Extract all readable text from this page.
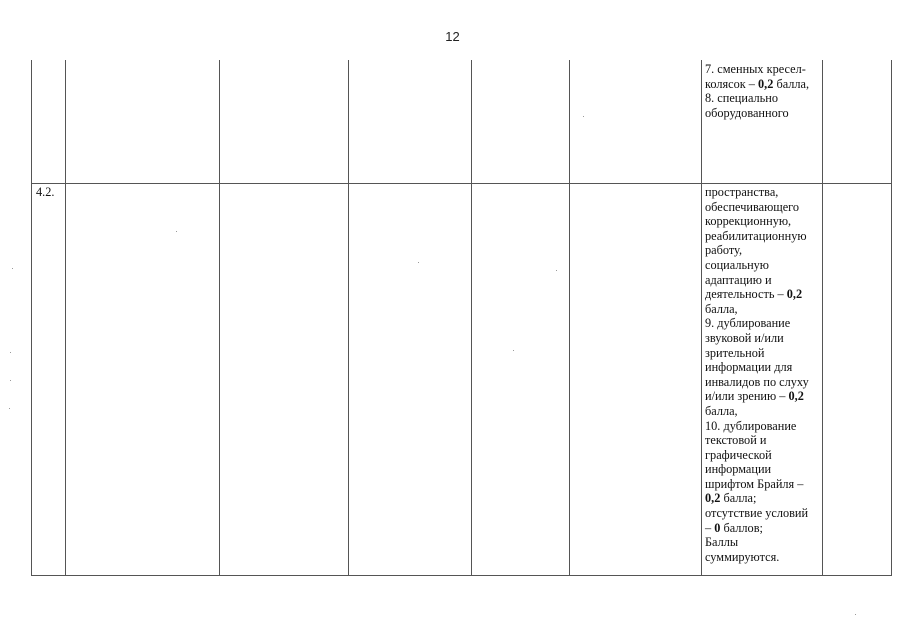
12
7. сменных кресел-
колясок – 0,2 балла,
8. специально
оборудованного
4.2.	пространства,
обеспечивающего
коррекционную,
реабилитационную
работу,
социальную
адаптацию и
деятельность – 0,2
балла,
9. дублирование
звуковой и/или
зрительной
информации для
инвалидов по слуху
и/или зрению – 0,2
балла,
10. дублирование
текстовой и
графической
информации
шрифтом Брайля –
0,2 балла;
отсутствие условий
– 0 баллов;
Баллы
суммируются.
